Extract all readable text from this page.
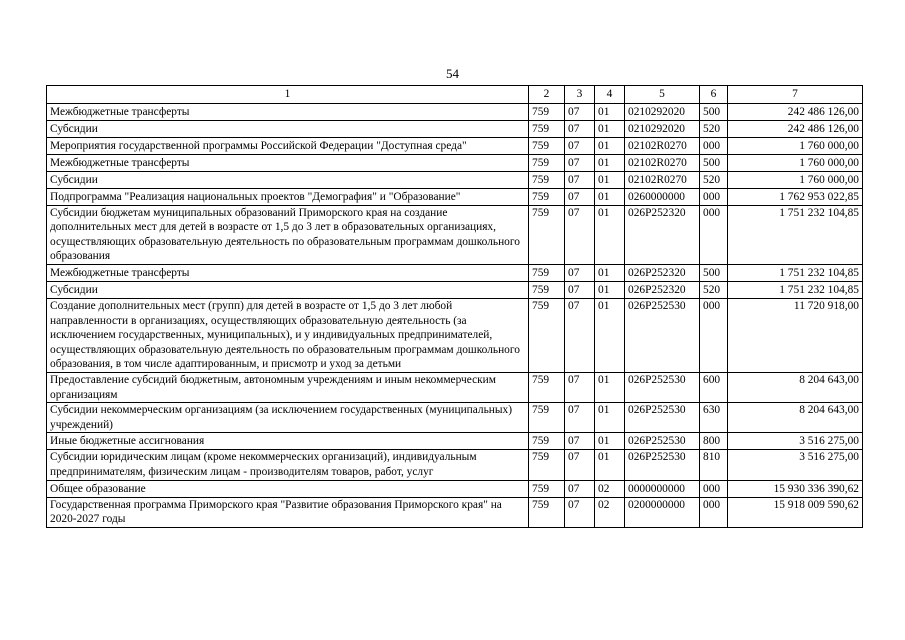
54
1	2	3	4	5	6	7
Межбюджетные трансферты	759	07	01	0210292020	500	242 486 126,00
Субсидии	759	07	01	0210292020	520	242 486 126,00
Мероприятия государственной программы Российской Федерации "Доступная среда"	759	07	01	02102R0270	000	1 760 000,00
Межбюджетные трансферты	759	07	01	02102R0270	500	1 760 000,00
Субсидии	759	07	01	02102R0270	520	1 760 000,00
Подпрограмма "Реализация национальных проектов "Демография" и "Образование"	759	07	01	0260000000	000	1 762 953 022,85
Субсидии бюджетам муниципальных образований Приморского края на создание дополнительных мест для детей в возрасте от 1,5 до 3 лет в образовательных организациях, осуществляющих образовательную деятельность по образовательным программам дошкольного образования	759	07	01	026P252320	000	1 751 232 104,85
Межбюджетные трансферты	759	07	01	026P252320	500	1 751 232 104,85
Субсидии	759	07	01	026P252320	520	1 751 232 104,85
Создание дополнительных мест (групп) для детей в возрасте от 1,5 до 3 лет любой направленности в организациях, осуществляющих образовательную деятельность (за исключением государственных, муниципальных), и у индивидуальных предпринимателей, осуществляющих образовательную деятельность по образовательным программам дошкольного образования, в том числе адаптированным, и присмотр и уход за детьми	759	07	01	026P252530	000	11 720 918,00
Предоставление субсидий бюджетным, автономным учреждениям и иным некоммерческим организациям	759	07	01	026P252530	600	8 204 643,00
Субсидии некоммерческим организациям (за исключением государственных (муниципальных) учреждений)	759	07	01	026P252530	630	8 204 643,00
Иные бюджетные ассигнования	759	07	01	026P252530	800	3 516 275,00
Субсидии юридическим лицам (кроме некоммерческих организаций), индивидуальным предпринимателям, физическим лицам - производителям товаров, работ, услуг	759	07	01	026P252530	810	3 516 275,00
Общее образование	759	07	02	0000000000	000	15 930 336 390,62
Государственная программа Приморского края "Развитие образования Приморского края" на 2020-2027 годы	759	07	02	0200000000	000	15 918 009 590,62
